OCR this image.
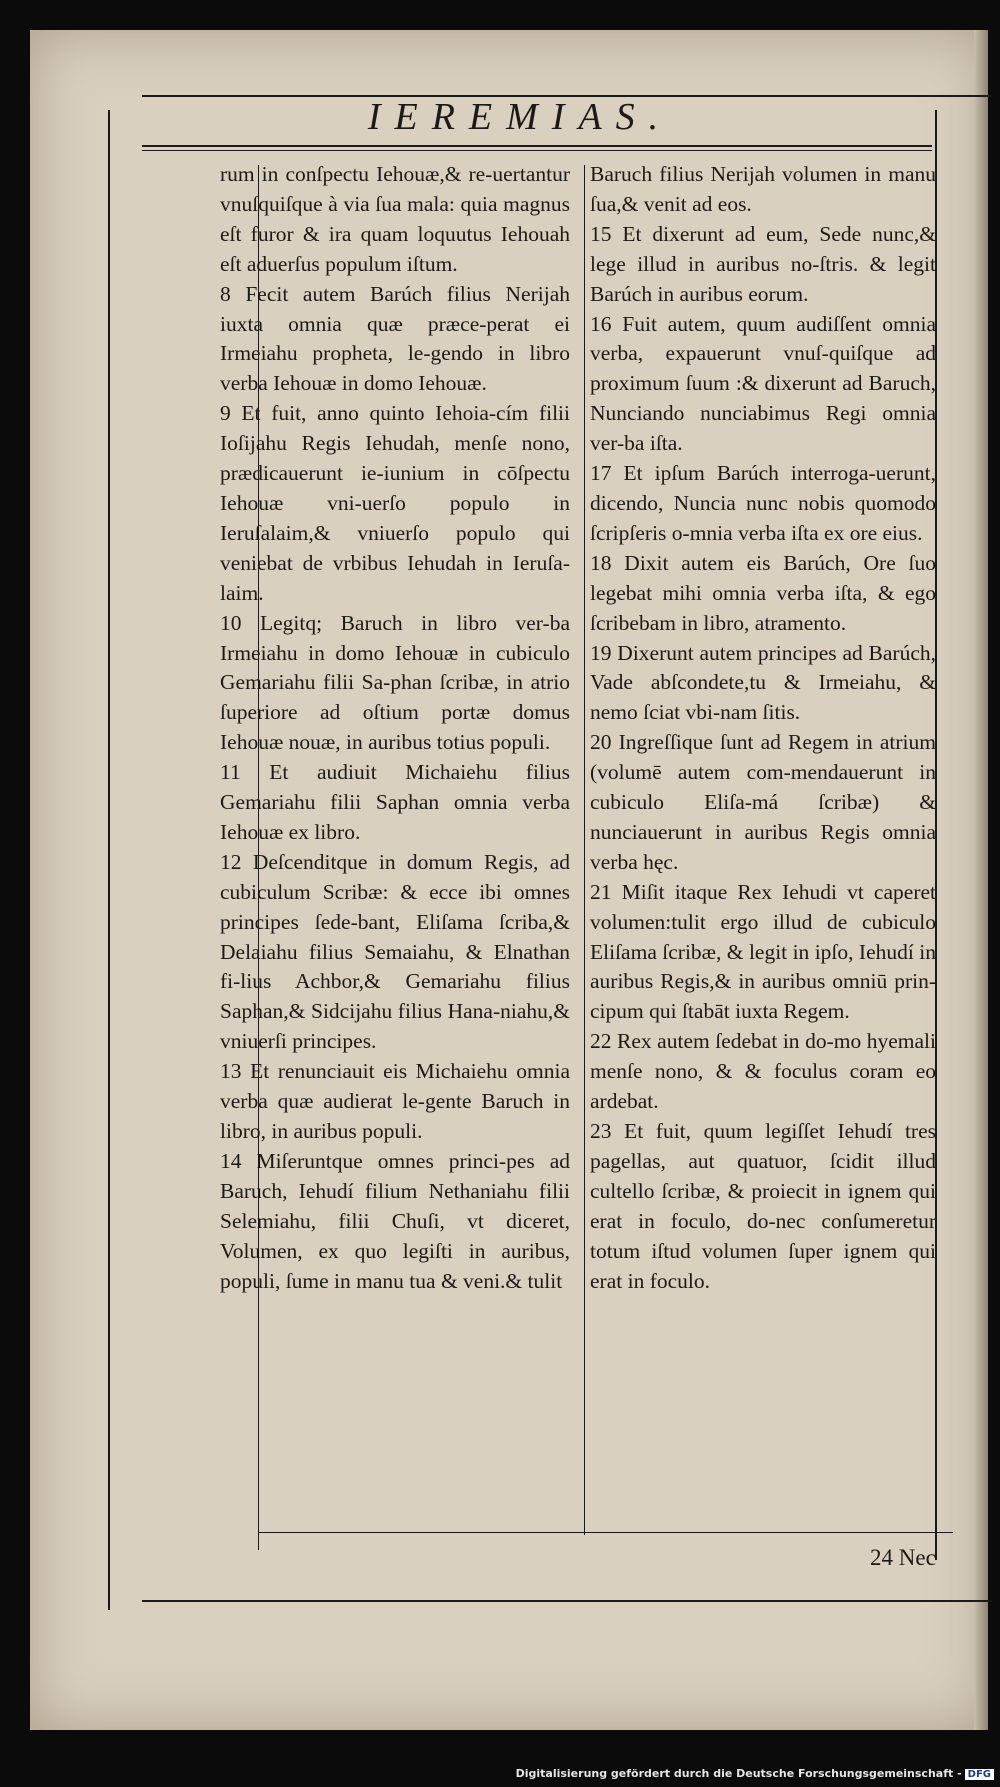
IEREMIAS.

rum in conſpectu Iehouæ,& re-uertantur vnuſquiſque à via ſua mala: quia magnus eſt furor & ira quam loquutus Iehouah eſt aduerſus populum iſtum.

8 Fecit autem Barúch filius Nerijah iuxta omnia quæ præce-perat ei Irmeiahu propheta, le-gendo in libro verba Iehouæ in domo Iehouæ.

9 Et fuit, anno quinto Iehoia-cím filii Ioſijahu Regis Iehudah, menſe nono, prædicauerunt ie-iunium in cōſpectu Iehouæ vni-uerſo populo in Ieruſalaim,& vniuerſo populo qui veniebat de vrbibus Iehudah in Ieruſa-laim.

10 Legitq; Baruch in libro ver-ba Irmeiahu in domo Iehouæ in cubiculo Gemariahu filii Sa-phan ſcribæ, in atrio ſuperiore ad oſtium portæ domus Iehouæ nouæ, in auribus totius populi.

11 Et audiuit Michaiehu filius Gemariahu filii Saphan omnia verba Iehouæ ex libro.

12 Deſcenditque in domum Regis, ad cubiculum Scribæ: & ecce ibi omnes principes ſede-bant, Eliſama ſcriba,& Delaiahu filius Semaiahu, & Elnathan fi-lius Achbor,& Gemariahu filius Saphan,& Sidcijahu filius Hana-niahu,& vniuerſi principes.

13 Et renunciauit eis Michaiehu omnia verba quæ audierat le-gente Baruch in libro, in auribus populi.

14 Miſeruntque omnes princi-pes ad Baruch, Iehudí filium Nethaniahu filii Selemiahu, filii Chuſi, vt diceret, Volumen, ex quo legiſti in auribus, populi, ſume in manu tua & veni.& tulit

Baruch filius Nerijah volumen in manu ſua,& venit ad eos.

15 Et dixerunt ad eum, Sede nunc,& lege illud in auribus no-ſtris. & legit Barúch in auribus eorum.

16 Fuit autem, quum audiſſent omnia verba, expauerunt vnuſ-quiſque ad proximum ſuum :& dixerunt ad Baruch, Nunciando nunciabimus Regi omnia ver-ba iſta.

17 Et ipſum Barúch interroga-uerunt, dicendo, Nuncia nunc nobis quomodo ſcripſeris o-mnia verba iſta ex ore eius.

18 Dixit autem eis Barúch, Ore ſuo legebat mihi omnia verba iſta, & ego ſcribebam in libro, atramento.

19 Dixerunt autem principes ad Barúch, Vade abſcondete,tu & Irmeiahu, & nemo ſciat vbi-nam ſitis.

20 Ingreſſique ſunt ad Regem in atrium (volumē autem com-mendauerunt in cubiculo Eliſa-má ſcribæ) & nunciauerunt in auribus Regis omnia verba hęc.

21 Miſit itaque Rex Iehudi vt caperet volumen:tulit ergo illud de cubiculo Eliſama ſcribæ, & legit in ipſo, Iehudí in auribus Regis,& in auribus omniū prin-cipum qui ſtabāt iuxta Regem.

22 Rex autem ſedebat in do-mo hyemali menſe nono, & & foculus coram eo ardebat.

23 Et fuit, quum legiſſet Iehudí tres pagellas, aut quatuor, ſcidit illud cultello ſcribæ, & proiecit in ignem qui erat in foculo, do-nec conſumeretur totum iſtud volumen ſuper ignem qui erat in foculo.

24 Nec
Digitalisierung gefördert durch die Deutsche Forschungsgemeinschaft - DFG
